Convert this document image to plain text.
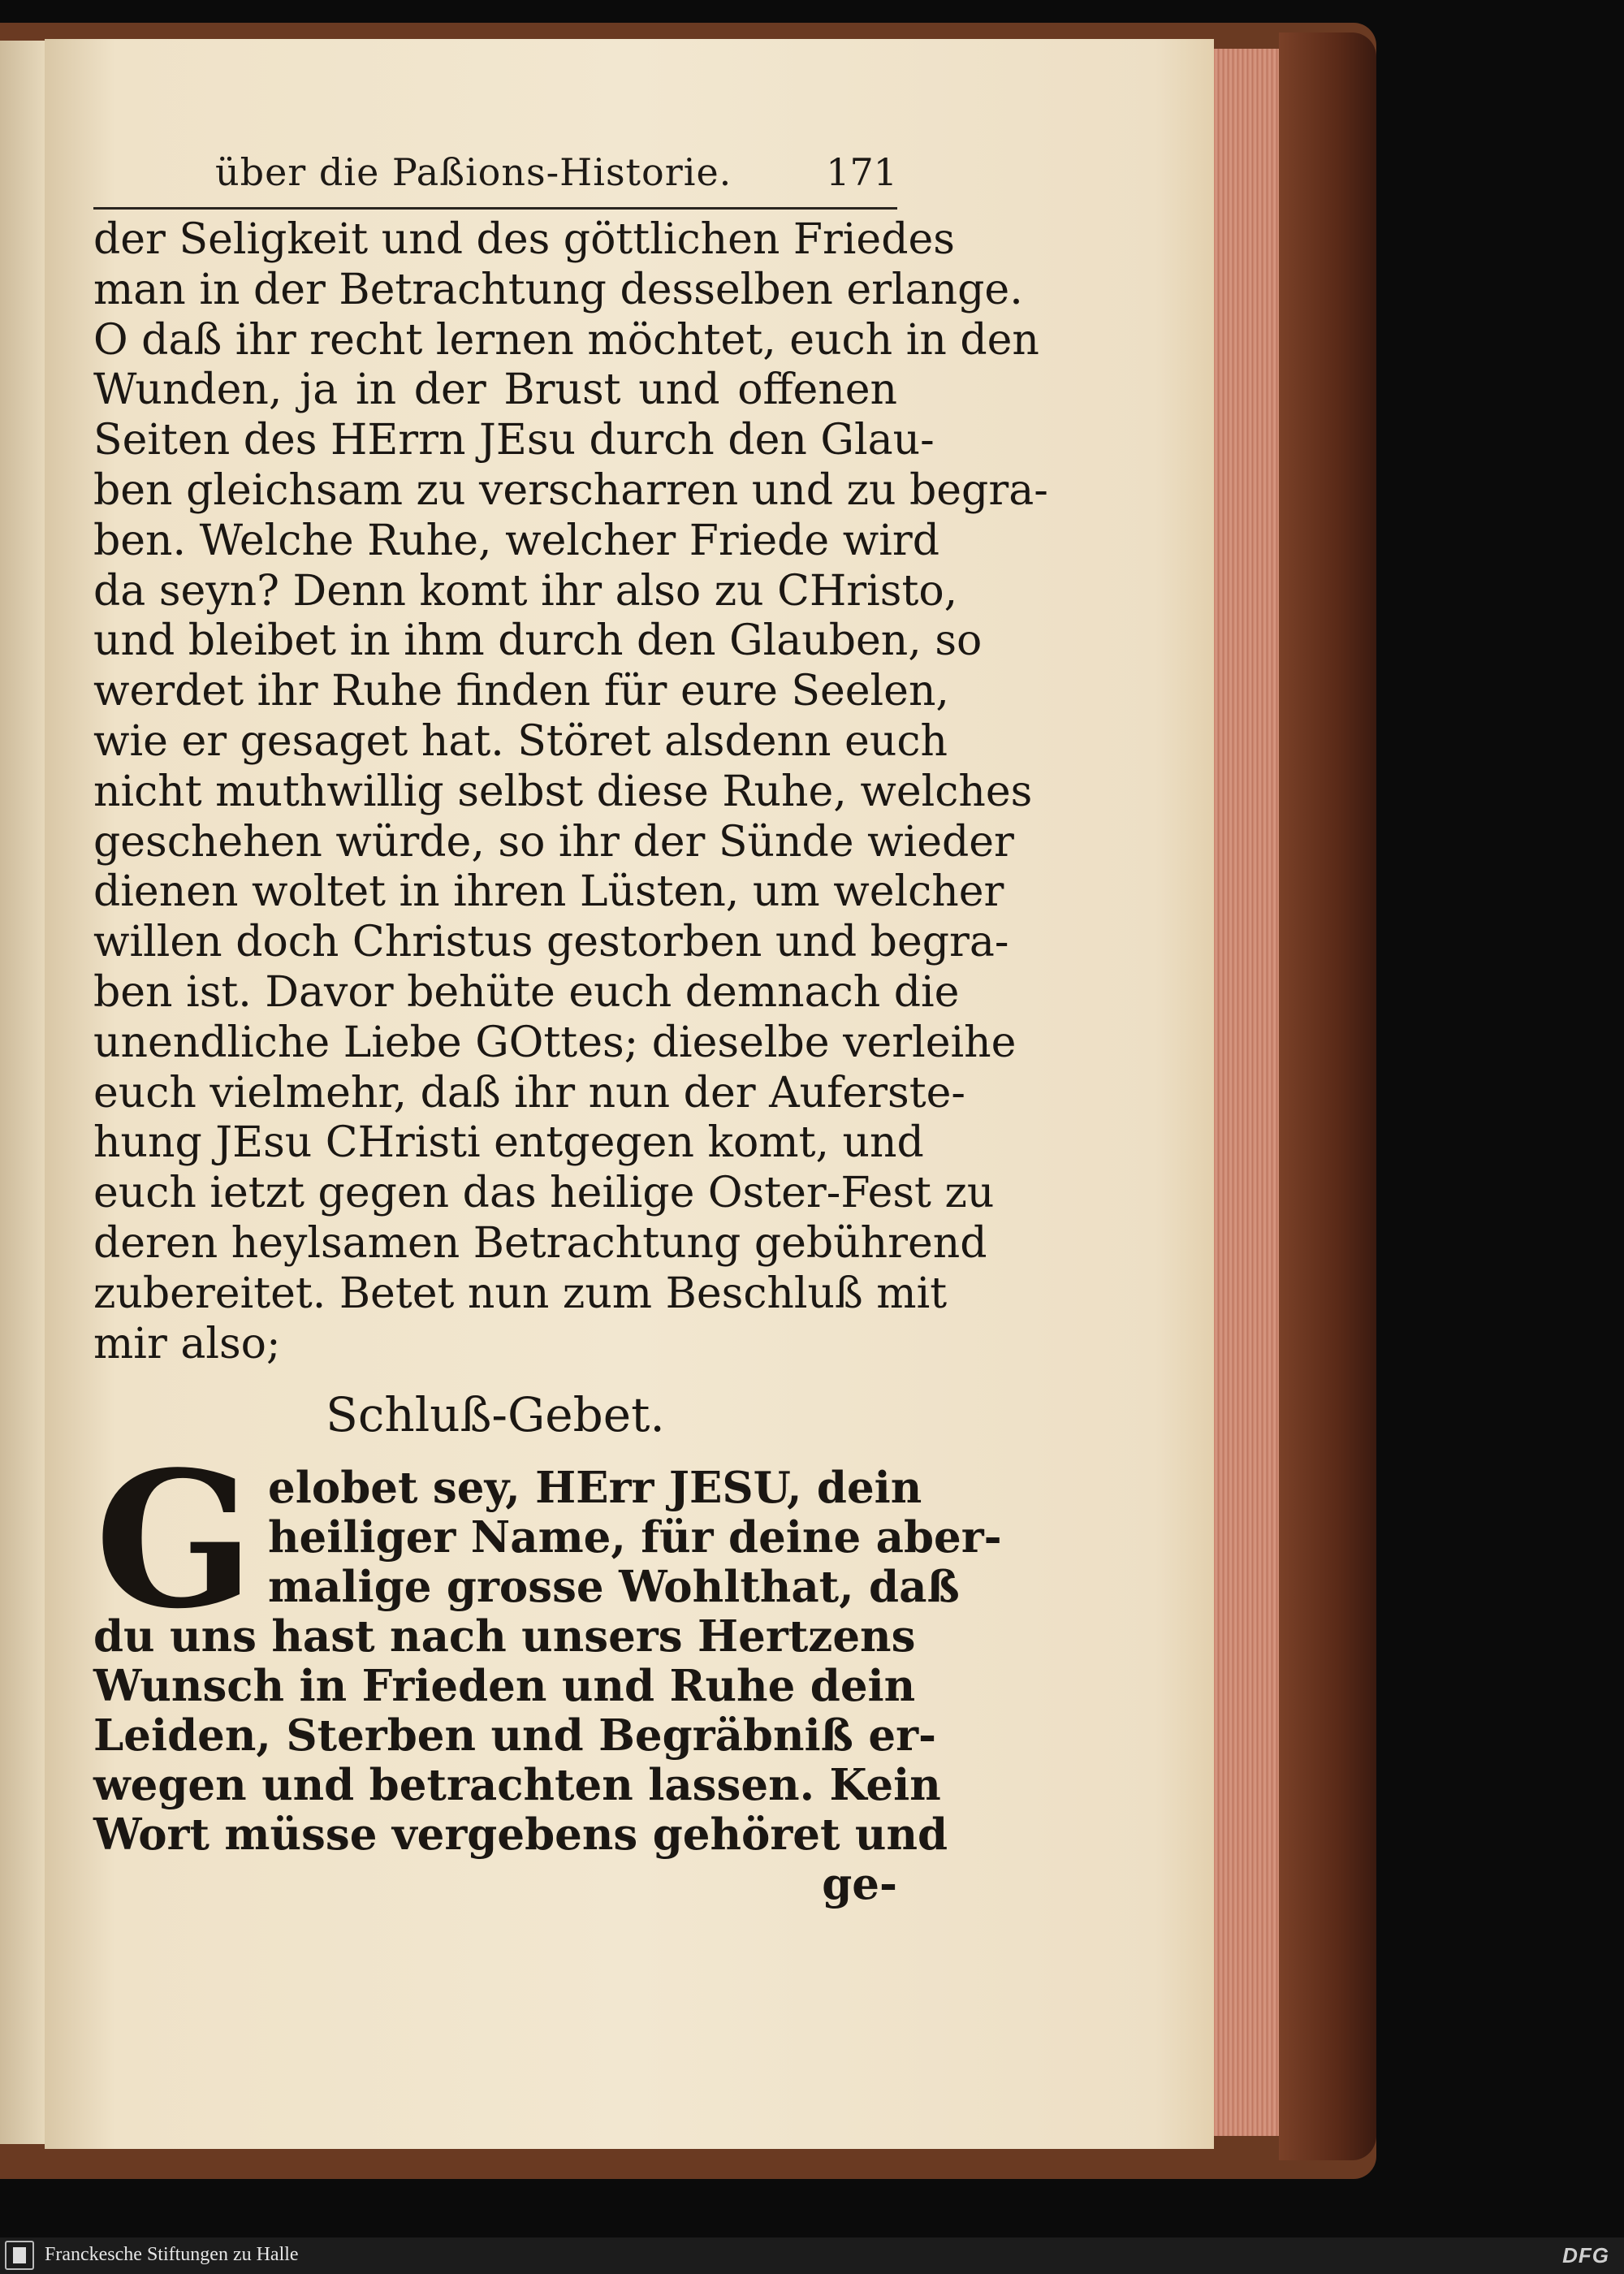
über die Paßions-Historie.	171
der Seligkeit und des göttlichen Friedes
man in der Betrachtung desselben erlange.
O daß ihr recht lernen möchtet, euch in den
Wunden, ja in der Brust und offenen
Seiten des HErrn JEsu durch den Glau-
ben gleichsam zu verscharren und zu begra-
ben. Welche Ruhe, welcher Friede wird
da seyn? Denn komt ihr also zu CHristo,
und bleibet in ihm durch den Glauben, so
werdet ihr Ruhe finden für eure Seelen,
wie er gesaget hat. Störet alsdenn euch
nicht muthwillig selbst diese Ruhe, welches
geschehen würde, so ihr der Sünde wieder
dienen woltet in ihren Lüsten, um welcher
willen doch Christus gestorben und begra-
ben ist. Davor behüte euch demnach die
unendliche Liebe GOttes; dieselbe verleihe
euch vielmehr, daß ihr nun der Auferste-
hung JEsu CHristi entgegen komt, und
euch ietzt gegen das heilige Oster-Fest zu
deren heylsamen Betrachtung gebührend
zubereitet. Betet nun zum Beschluß mit
mir also;
Schluß-Gebet.
G elobet sey, HErr JESU, dein
heiliger Name, für deine aber-
malige grosse Wohlthat, daß
du uns hast nach unsers Hertzens
Wunsch in Frieden und Ruhe dein
Leiden, Sterben und Begräbniß er-
wegen und betrachten lassen. Kein
Wort müsse vergebens gehöret und
ge-
Franckesche Stiftungen zu Halle	DFG
